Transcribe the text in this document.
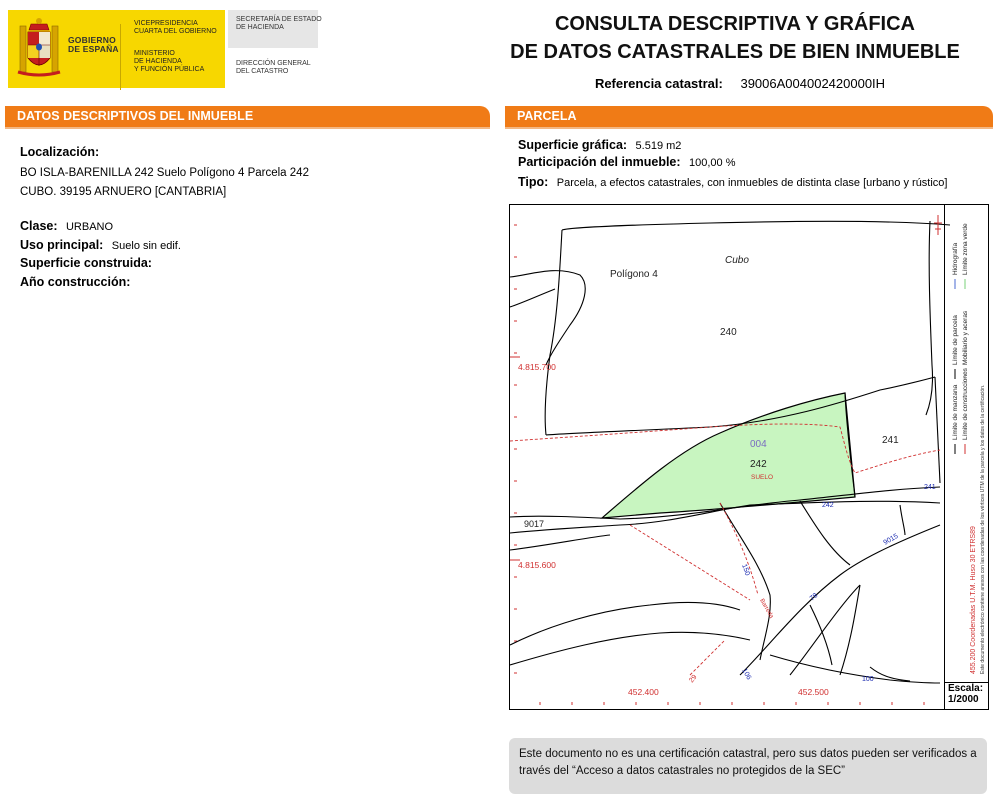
GOBIERNO
DE ESPAÑA
VICEPRESIDENCIA
CUARTA DEL GOBIERNO
MINISTERIO
DE HACIENDA
Y FUNCIÓN PÚBLICA
SECRETARÍA DE ESTADO
DE HACIENDA
DIRECCIÓN GENERAL
DEL CATASTRO
CONSULTA DESCRIPTIVA Y GRÁFICA
DE DATOS CATASTRALES DE BIEN INMUEBLE
Referencia catastral: 39006A004002420000IH
DATOS DESCRIPTIVOS DEL INMUEBLE
Localización:
BO ISLA-BARENILLA 242 Suelo Polígono 4 Parcela 242
CUBO. 39195 ARNUERO [CANTABRIA]
Clase: URBANO
Uso principal: Suelo sin edif.
Superficie construida:
Año construcción:
PARCELA
Superficie gráfica: 5.519 m2
Participación del inmueble: 100,00 %
Tipo: Parcela, a efectos catastrales, con inmuebles de distinta clase [urbano y rústico]
Cubo
Polígono 4
240
241
004
242
SUELO
9017
4.815.700
4.815.600
452.400	452.500
242
241
9015
150
78
106	100
29
Barreda
Límite de manzana
Límite de parcela
Hidrografía
Límite de construcciones
Mobiliario y aceras
Límite zona verde
455.200 Coordenadas U.T.M. Huso 30 ETRS89 Este documento electrónico contiene anexos con las coordenadas de los vértices UTM de la parcela y los datos de la certificación.
Escala:
1/2000
Este documento no es una certificación catastral, pero sus datos pueden ser verificados a
través del “Acceso a datos catastrales no protegidos de la SEC”
